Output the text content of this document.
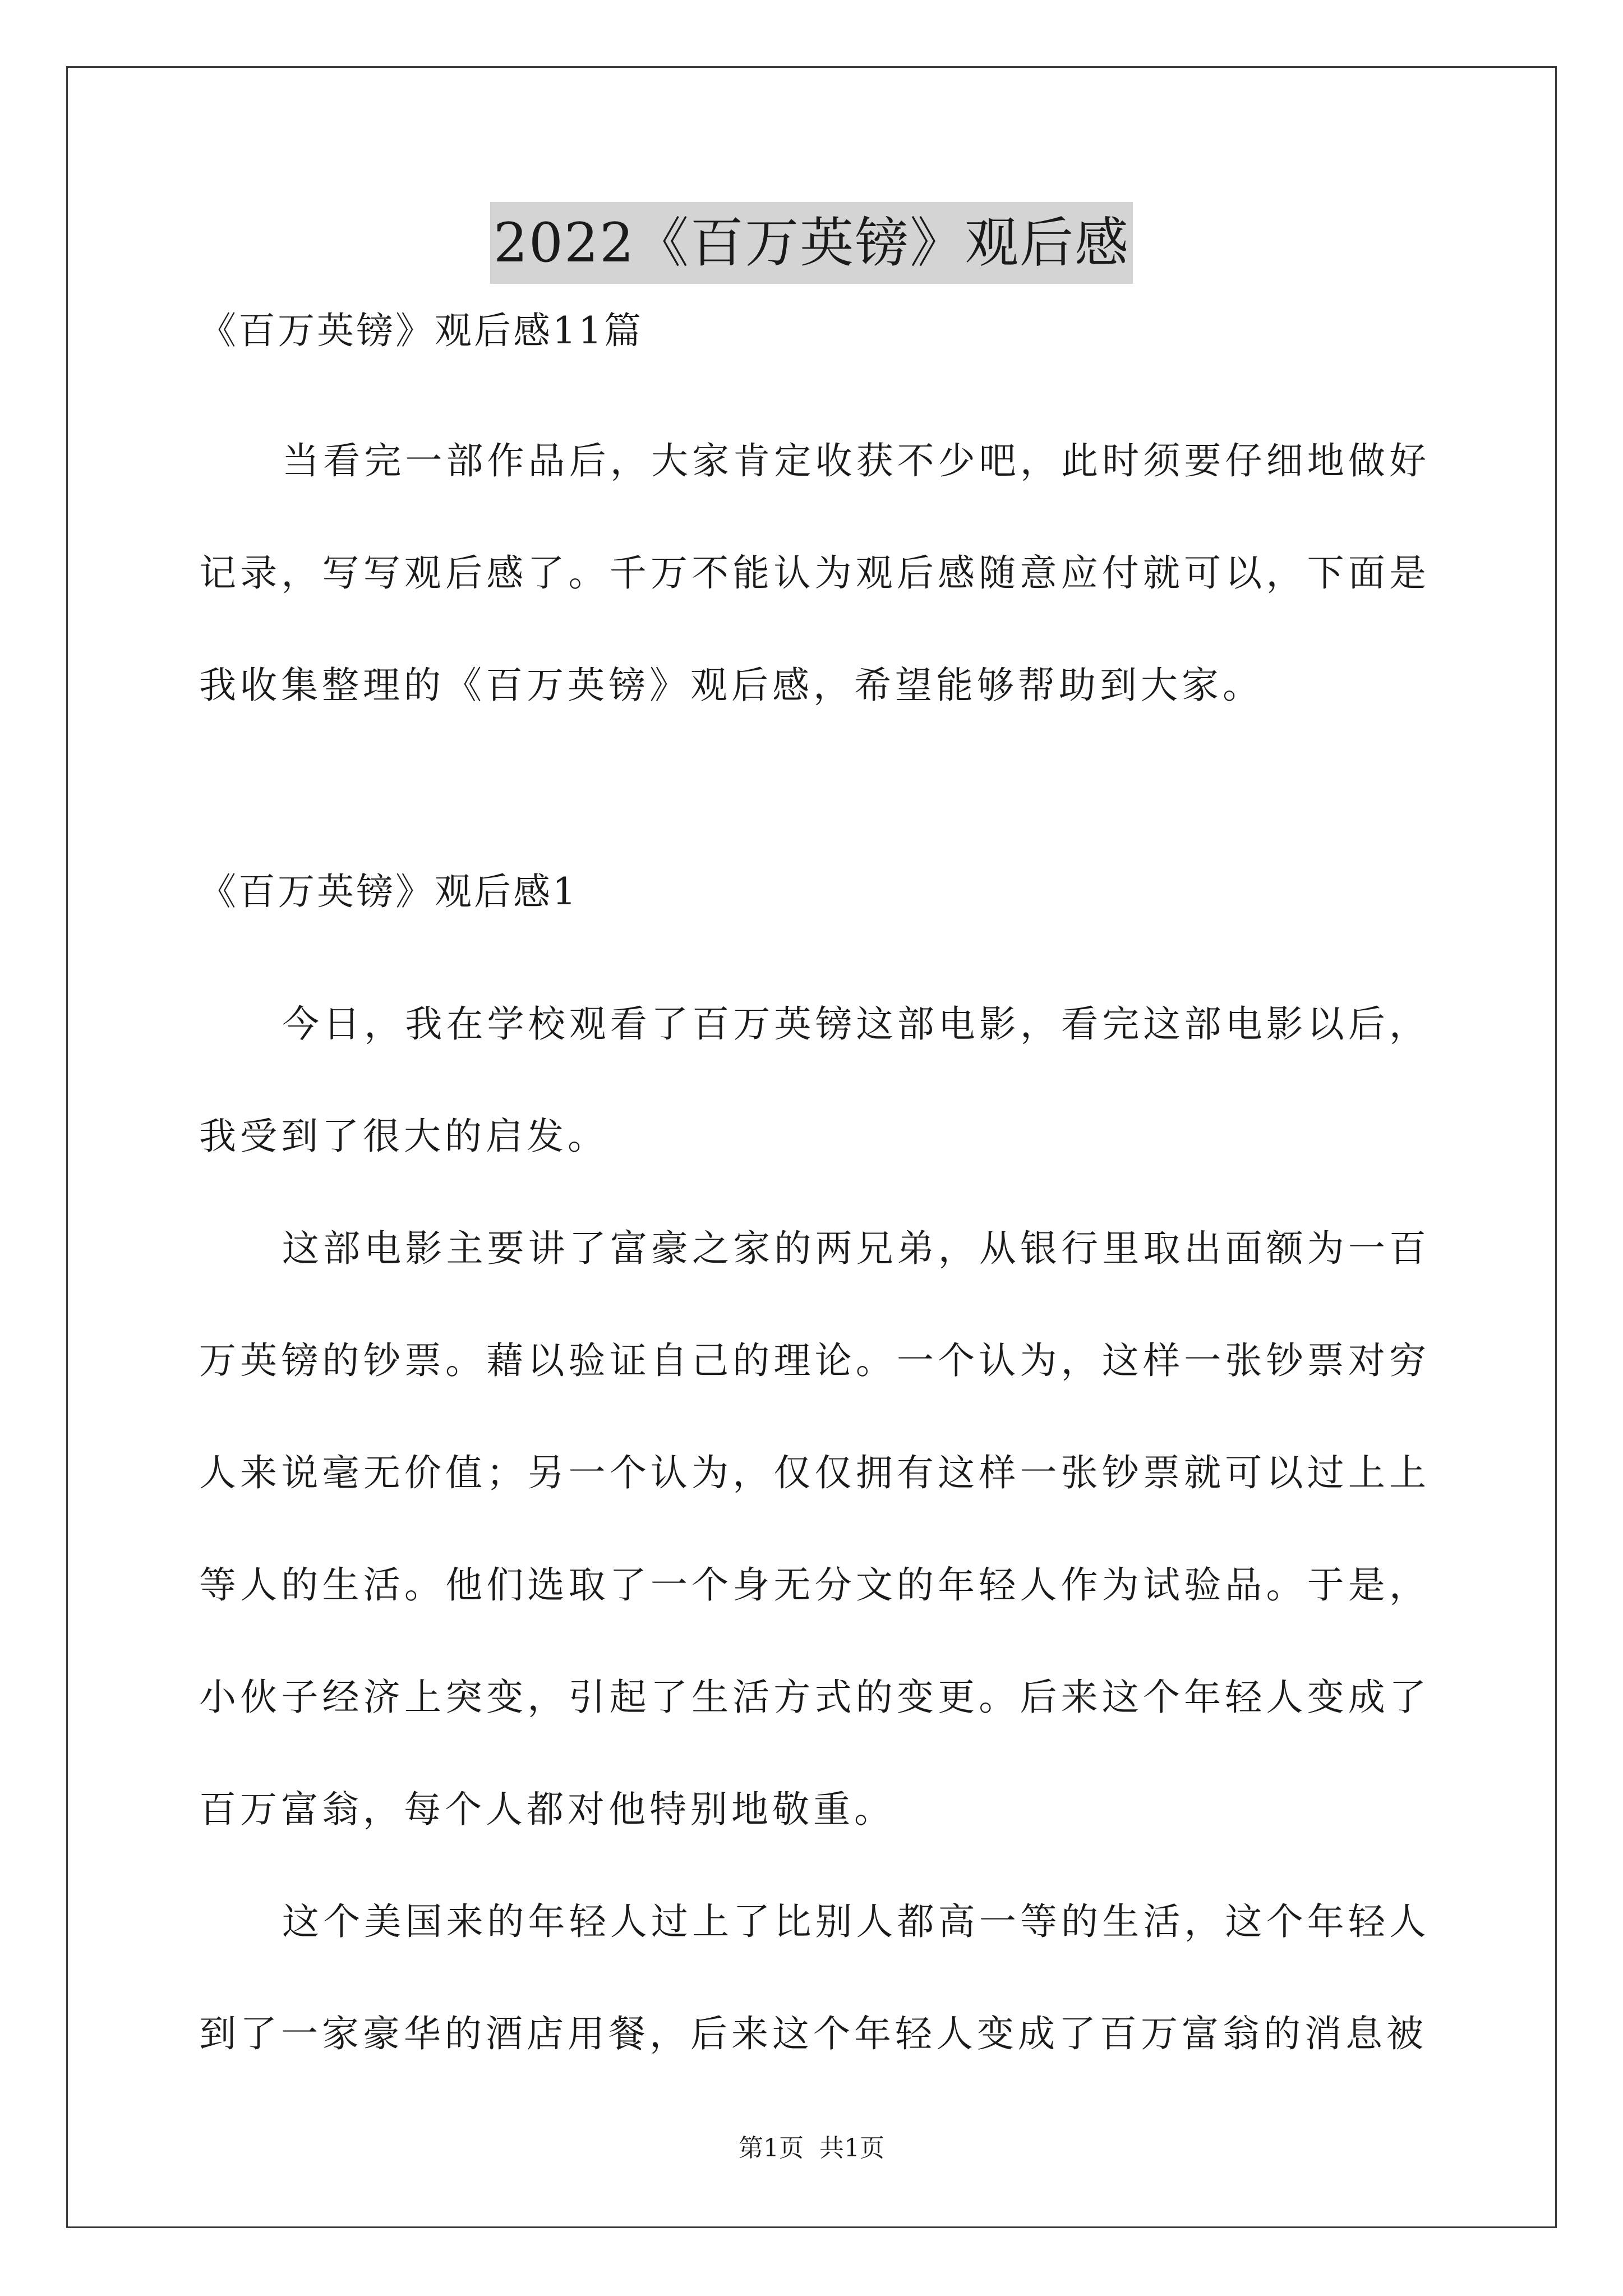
2022《百万英镑》观后感

《百万英镑》观后感11篇

当看完一部作品后，大家肯定收获不少吧，此时须要仔细地做好记录，写写观后感了。千万不能认为观后感随意应付就可以，下面是我收集整理的《百万英镑》观后感，希望能够帮助到大家。

《百万英镑》观后感1

今日，我在学校观看了百万英镑这部电影，看完这部电影以后，我受到了很大的启发。

这部电影主要讲了富豪之家的两兄弟，从银行里取出面额为一百万英镑的钞票。藉以验证自己的理论。一个认为，这样一张钞票对穷人来说毫无价值；另一个认为，仅仅拥有这样一张钞票就可以过上上等人的生活。他们选取了一个身无分文的年轻人作为试验品。于是，小伙子经济上突变，引起了生活方式的变更。后来这个年轻人变成了百万富翁，每个人都对他特别地敬重。

这个美国来的年轻人过上了比别人都高一等的生活，这个年轻人到了一家豪华的酒店用餐，后来这个年轻人变成了百万富翁的消息被

第1页 共1页
